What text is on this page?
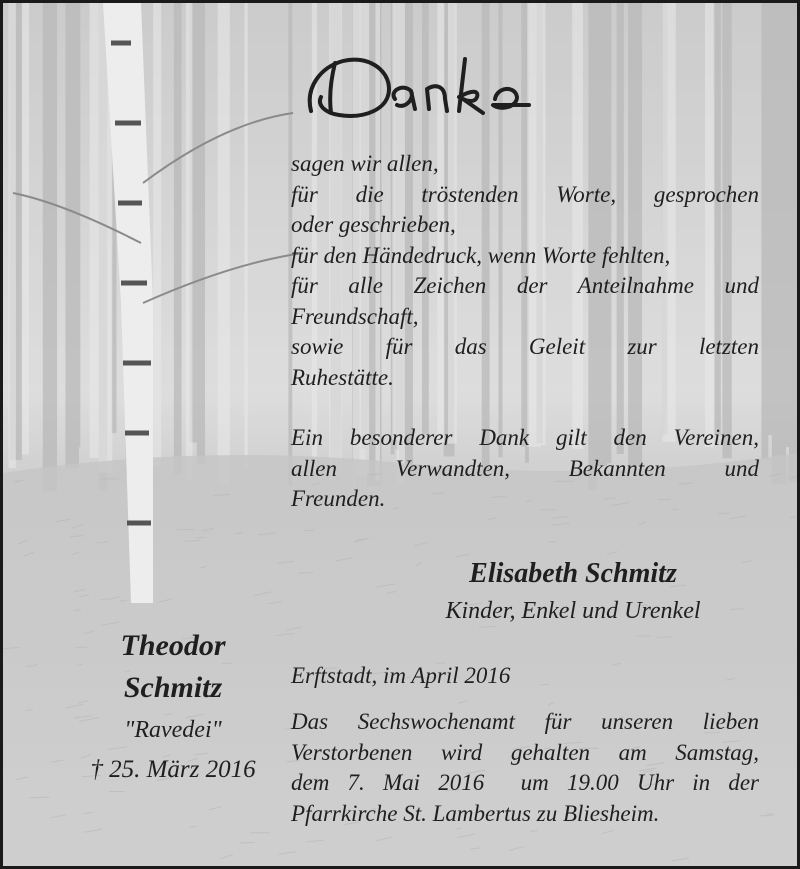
Danke
sagen wir allen,
für die tröstenden Worte, gesprochen
oder geschrieben,
für den Händedruck, wenn Worte fehlten,
für alle Zeichen der Anteilnahme und
Freundschaft,
sowie für das Geleit zur letzten
Ruhestätte.
Ein besonderer Dank gilt den Vereinen,
allen Verwandten, Bekannten und
Freunden.
Elisabeth Schmitz
Kinder, Enkel und Urenkel
Theodor
Schmitz
"Ravedei"
† 25. März 2016
Erftstadt, im April 2016
Das Sechswochenamt für unseren lieben
Verstorbenen wird gehalten am Samstag,
dem 7. Mai 2016  um 19.00 Uhr in der
Pfarrkirche St. Lambertus zu Bliesheim.
